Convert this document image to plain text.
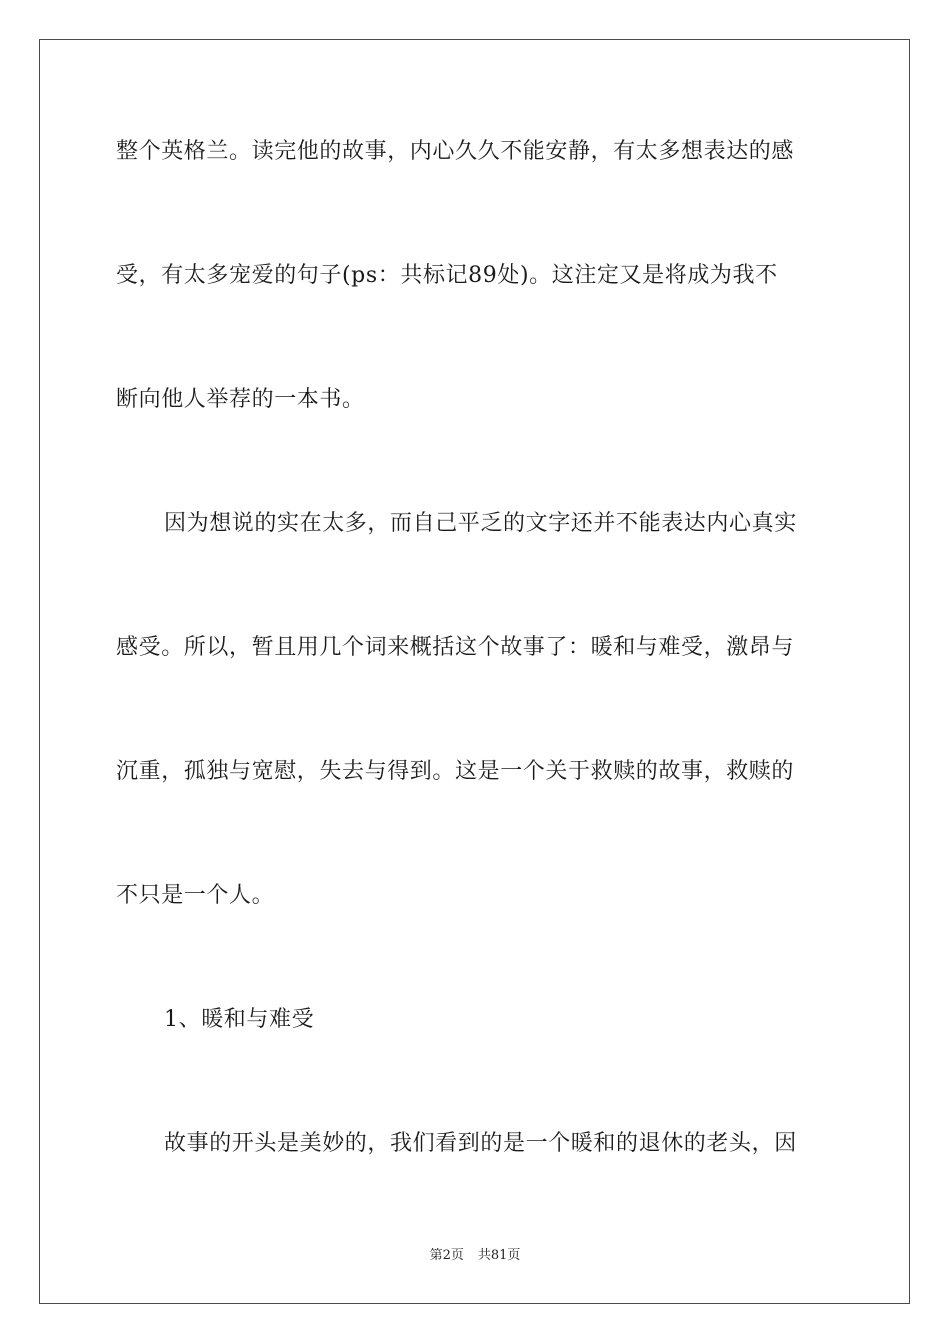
整个英格兰。读完他的故事，内心久久不能安静，有太多想表达的感
受，有太多宠爱的句子(ps：共标记89处)。这注定又是将成为我不
断向他人举荐的一本书。
因为想说的实在太多，而自己平乏的文字还并不能表达内心真实
感受。所以，暂且用几个词来概括这个故事了：暖和与难受，激昂与
沉重，孤独与宽慰，失去与得到。这是一个关于救赎的故事，救赎的
不只是一个人。
1、暖和与难受
故事的开头是美妙的，我们看到的是一个暖和的退休的老头，因
第2页 共81页
